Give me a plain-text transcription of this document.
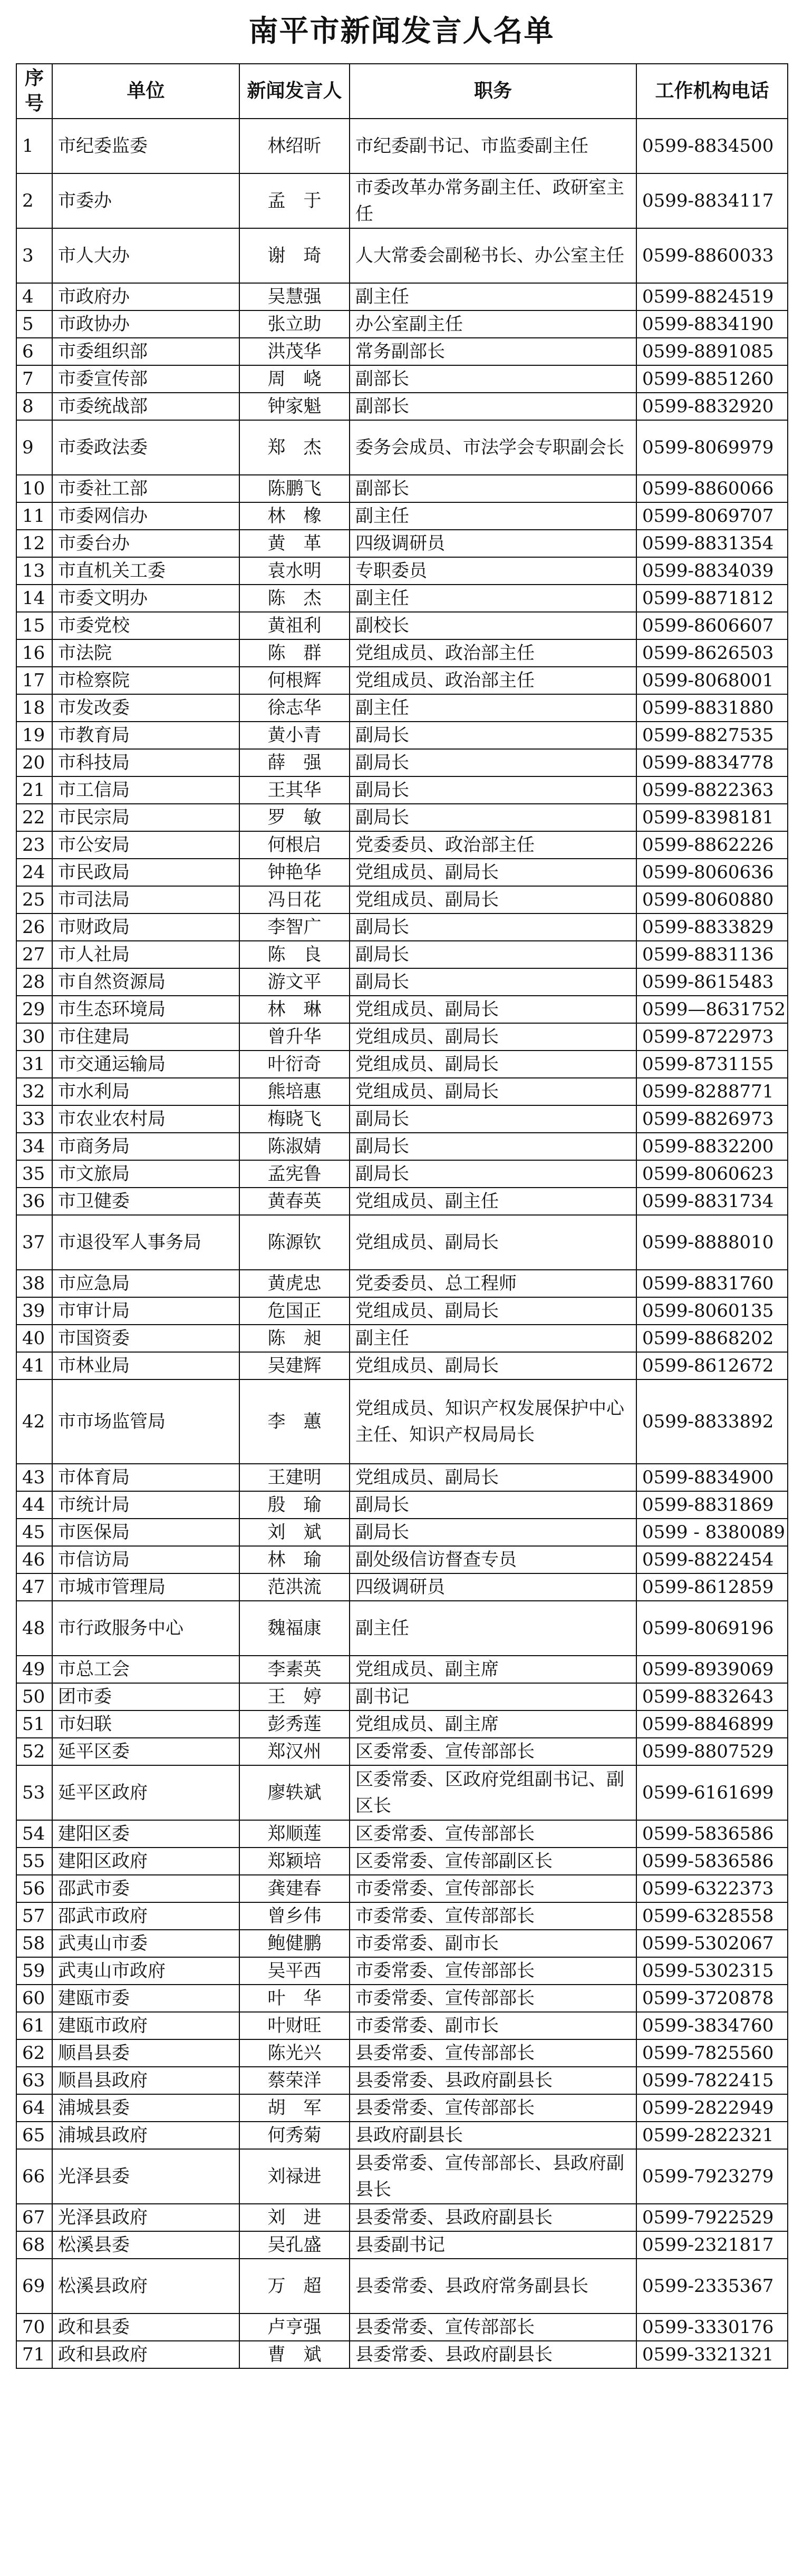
南平市新闻发言人名单
序号	单位	新闻发言人	职务	工作机构电话
1	市纪委监委	林绍昕	市纪委副书记、市监委副主任	0599-8834500
2	市委办	孟　于	市委改革办常务副主任、政研室主任	0599-8834117
3	市人大办	谢　琦	人大常委会副秘书长、办公室主任	0599-8860033
4	市政府办	吴慧强	副主任	0599-8824519
5	市政协办	张立助	办公室副主任	0599-8834190
6	市委组织部	洪茂华	常务副部长	0599-8891085
7	市委宣传部	周　峣	副部长	0599-8851260
8	市委统战部	钟家魁	副部长	0599-8832920
9	市委政法委	郑　杰	委务会成员、市法学会专职副会长	0599-8069979
10	市委社工部	陈鹏飞	副部长	0599-8860066
11	市委网信办	林　橡	副主任	0599-8069707
12	市委台办	黄　革	四级调研员	0599-8831354
13	市直机关工委	袁水明	专职委员	0599-8834039
14	市委文明办	陈　杰	副主任	0599-8871812
15	市委党校	黄祖利	副校长	0599-8606607
16	市法院	陈　群	党组成员、政治部主任	0599-8626503
17	市检察院	何根辉	党组成员、政治部主任	0599-8068001
18	市发改委	徐志华	副主任	0599-8831880
19	市教育局	黄小青	副局长	0599-8827535
20	市科技局	薛　强	副局长	0599-8834778
21	市工信局	王其华	副局长	0599-8822363
22	市民宗局	罗　敏	副局长	0599-8398181
23	市公安局	何根启	党委委员、政治部主任	0599-8862226
24	市民政局	钟艳华	党组成员、副局长	0599-8060636
25	市司法局	冯日花	党组成员、副局长	0599-8060880
26	市财政局	李智广	副局长	0599-8833829
27	市人社局	陈　良	副局长	0599-8831136
28	市自然资源局	游文平	副局长	0599-8615483
29	市生态环境局	林　琳	党组成员、副局长	0599—8631752
30	市住建局	曾升华	党组成员、副局长	0599-8722973
31	市交通运输局	叶衍奇	党组成员、副局长	0599-8731155
32	市水利局	熊培惠	党组成员、副局长	0599-8288771
33	市农业农村局	梅晓飞	副局长	0599-8826973
34	市商务局	陈淑婧	副局长	0599-8832200
35	市文旅局	孟宪鲁	副局长	0599-8060623
36	市卫健委	黄春英	党组成员、副主任	0599-8831734
37	市退役军人事务局	陈源钦	党组成员、副局长	0599-8888010
38	市应急局	黄虎忠	党委委员、总工程师	0599-8831760
39	市审计局	危国正	党组成员、副局长	0599-8060135
40	市国资委	陈　昶	副主任	0599-8868202
41	市林业局	吴建辉	党组成员、副局长	0599-8612672
42	市市场监管局	李　蕙	党组成员、知识产权发展保护中心主任、知识产权局局长	0599-8833892
43	市体育局	王建明	党组成员、副局长	0599-8834900
44	市统计局	殷　瑜	副局长	0599-8831869
45	市医保局	刘　斌	副局长	0599 - 8380089
46	市信访局	林　瑜	副处级信访督查专员	0599-8822454
47	市城市管理局	范洪流	四级调研员	0599-8612859
48	市行政服务中心	魏福康	副主任	0599-8069196
49	市总工会	李素英	党组成员、副主席	0599-8939069
50	团市委	王　婷	副书记	0599-8832643
51	市妇联	彭秀莲	党组成员、副主席	0599-8846899
52	延平区委	郑汉州	区委常委、宣传部部长	0599-8807529
53	延平区政府	廖轶斌	区委常委、区政府党组副书记、副区长	0599-6161699
54	建阳区委	郑顺莲	区委常委、宣传部部长	0599-5836586
55	建阳区政府	郑颖培	区委常委、宣传部副区长	0599-5836586
56	邵武市委	龚建春	市委常委、宣传部部长	0599-6322373
57	邵武市政府	曾乡伟	市委常委、宣传部部长	0599-6328558
58	武夷山市委	鲍健鹏	市委常委、副市长	0599-5302067
59	武夷山市政府	吴平西	市委常委、宣传部部长	0599-5302315
60	建瓯市委	叶　华	市委常委、宣传部部长	0599-3720878
61	建瓯市政府	叶财旺	市委常委、副市长	0599-3834760
62	顺昌县委	陈光兴	县委常委、宣传部部长	0599-7825560
63	顺昌县政府	蔡荣洋	县委常委、县政府副县长	0599-7822415
64	浦城县委	胡　军	县委常委、宣传部部长	0599-2822949
65	浦城县政府	何秀菊	县政府副县长	0599-2822321
66	光泽县委	刘禄进	县委常委、宣传部部长、县政府副县长	0599-7923279
67	光泽县政府	刘　进	县委常委、县政府副县长	0599-7922529
68	松溪县委	吴孔盛	县委副书记	0599-2321817
69	松溪县政府	万　超	县委常委、县政府常务副县长	0599-2335367
70	政和县委	卢亨强	县委常委、宣传部部长	0599-3330176
71	政和县政府	曹　斌	县委常委、县政府副县长	0599-3321321
